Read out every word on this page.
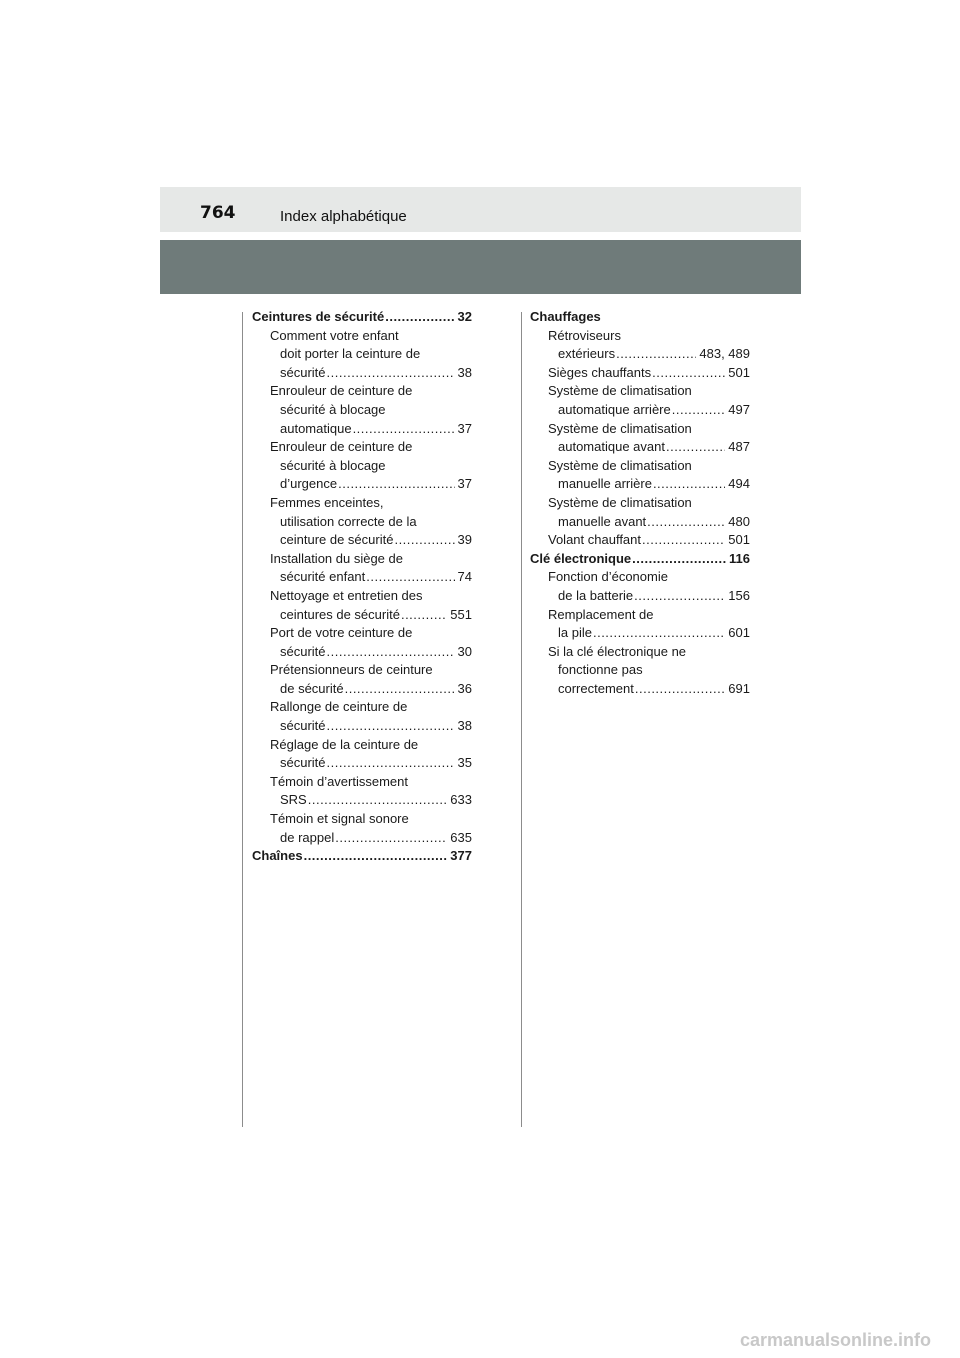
764	Index alphabétique
Ceintures de sécurité .....	32
Comment votre enfant
doit porter la ceinture de
sécurité .....	38
Enrouleur de ceinture de
sécurité à blocage
automatique .....	37
Enrouleur de ceinture de
sécurité à blocage
d’urgence .....	37
Femmes enceintes,
utilisation correcte de la
ceinture de sécurité .....	39
Installation du siège de
sécurité enfant .....	74
Nettoyage et entretien des
ceintures de sécurité .....	551
Port de votre ceinture de
sécurité .....	30
Prétensionneurs de ceinture
de sécurité .....	36
Rallonge de ceinture de
sécurité .....	38
Réglage de la ceinture de
sécurité .....	35
Témoin d’avertissement
SRS .....	633
Témoin et signal sonore
de rappel .....	635
Chaînes .....	377
Chauffages
Rétroviseurs
extérieurs .....	483, 489
Sièges chauffants .....	501
Système de climatisation
automatique arrière .....	497
Système de climatisation
automatique avant .....	487
Système de climatisation
manuelle arrière .....	494
Système de climatisation
manuelle avant .....	480
Volant chauffant .....	501
Clé électronique .....	116
Fonction d’économie
de la batterie .....	156
Remplacement de
la pile .....	601
Si la clé électronique ne
fonctionne pas
correctement .....	691
carmanualsonline.info
